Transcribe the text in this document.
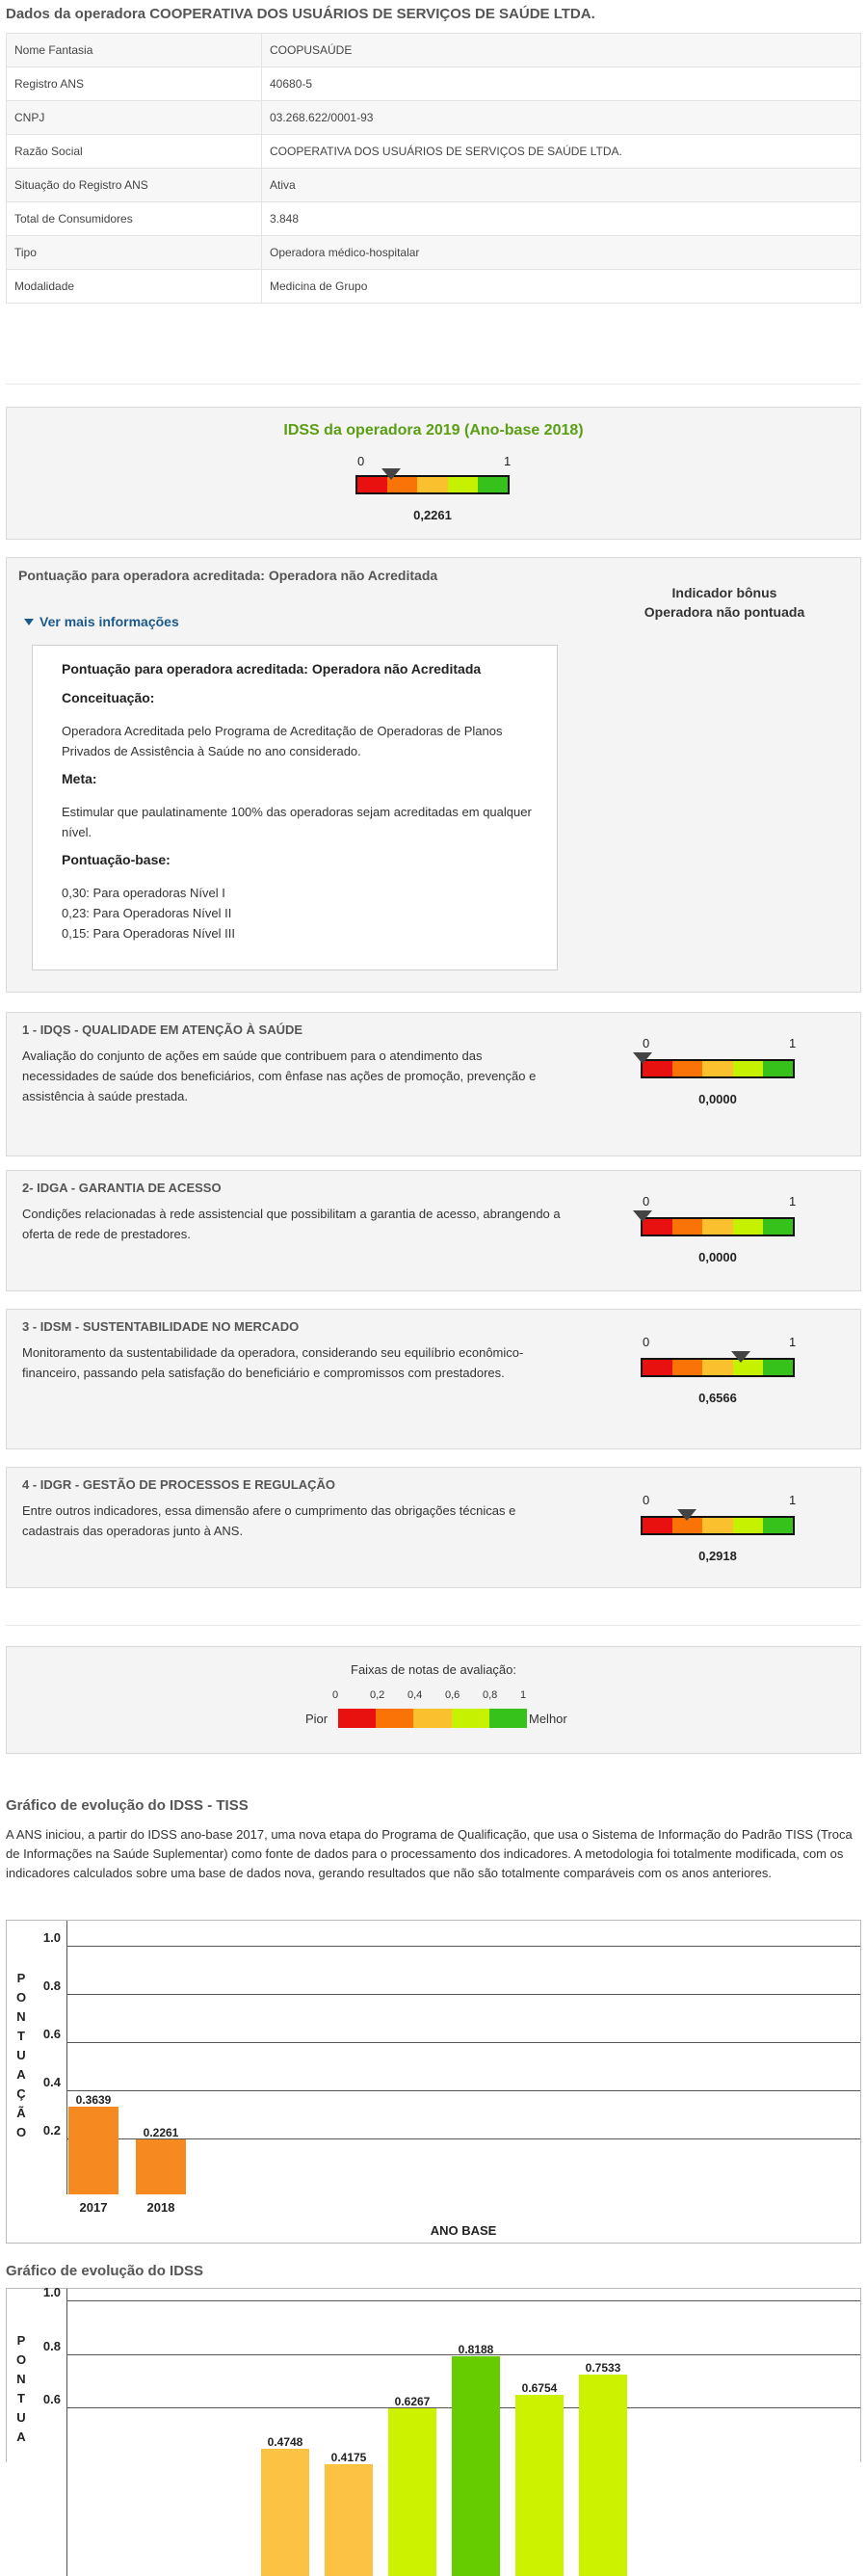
Dados da operadora COOPERATIVA DOS USUÁRIOS DE SERVIÇOS DE SAÚDE LTDA.
Nome Fantasia	COOPUSAÚDE
Registro ANS	40680-5
CNPJ	03.268.622/0001-93
Razão Social	COOPERATIVA DOS USUÁRIOS DE SERVIÇOS DE SAÚDE LTDA.
Situação do Registro ANS	Ativa
Total de Consumidores	3.848
Tipo	Operadora médico-hospitalar
Modalidade	Medicina de Grupo
IDSS da operadora 2019 (Ano-base 2018)
0	1
0,2261
Pontuação para operadora acreditada: Operadora não Acreditada
Indicador bônus
Operadora não pontuada
Ver mais informações
Pontuação para operadora acreditada: Operadora não Acreditada
Conceituação:
Operadora Acreditada pelo Programa de Acreditação de Operadoras de Planos Privados de Assistência à Saúde no ano considerado.
Meta:
Estimular que paulatinamente 100% das operadoras sejam acreditadas em qualquer nível.
Pontuação-base:
0,30: Para operadoras Nível I
0,23: Para Operadoras Nível II
0,15: Para Operadoras Nível III
1 - IDQS - QUALIDADE EM ATENÇÃO À SAÚDE
Avaliação do conjunto de ações em saúde que contribuem para o atendimento das necessidades de saúde dos beneficiários, com ênfase nas ações de promoção, prevenção e assistência à saúde prestada.
0	1
0,0000
2- IDGA - GARANTIA DE ACESSO
Condições relacionadas à rede assistencial que possibilitam a garantia de acesso, abrangendo a oferta de rede de prestadores.
0	1
0,0000
3 - IDSM - SUSTENTABILIDADE NO MERCADO
Monitoramento da sustentabilidade da operadora, considerando seu equilíbrio econômico-financeiro, passando pela satisfação do beneficiário e compromissos com prestadores.
0	1
0,6566
4 - IDGR - GESTÃO DE PROCESSOS E REGULAÇÃO
Entre outros indicadores, essa dimensão afere o cumprimento das obrigações técnicas e cadastrais das operadoras junto à ANS.
0	1
0,2918
Faixas de notas de avaliação:
0	0,2 0,4 0,6 0,8 1
Pior	Melhor
Gráfico de evolução do IDSS - TISS
A ANS iniciou, a partir do IDSS ano-base 2017, uma nova etapa do Programa de Qualificação, que usa o Sistema de Informação do Padrão TISS (Troca de Informações na Saúde Suplementar) como fonte de dados para o processamento dos indicadores. A metodologia foi totalmente modificada, com os indicadores calculados sobre uma base de dados nova, gerando resultados que não são totalmente comparáveis com os anos anteriores.
P
O
N
T
U
A
Ç
Ã
O
1.0
0.8
0.6
0.4
0.2
0.3639
2017
0.2261
2018
ANO BASE
Gráfico de evolução do IDSS
P
O
N
T
U
A
1.0
0.8
0.6
0.4748
0.4175
0.6267
0.8188
0.6754
0.7533
